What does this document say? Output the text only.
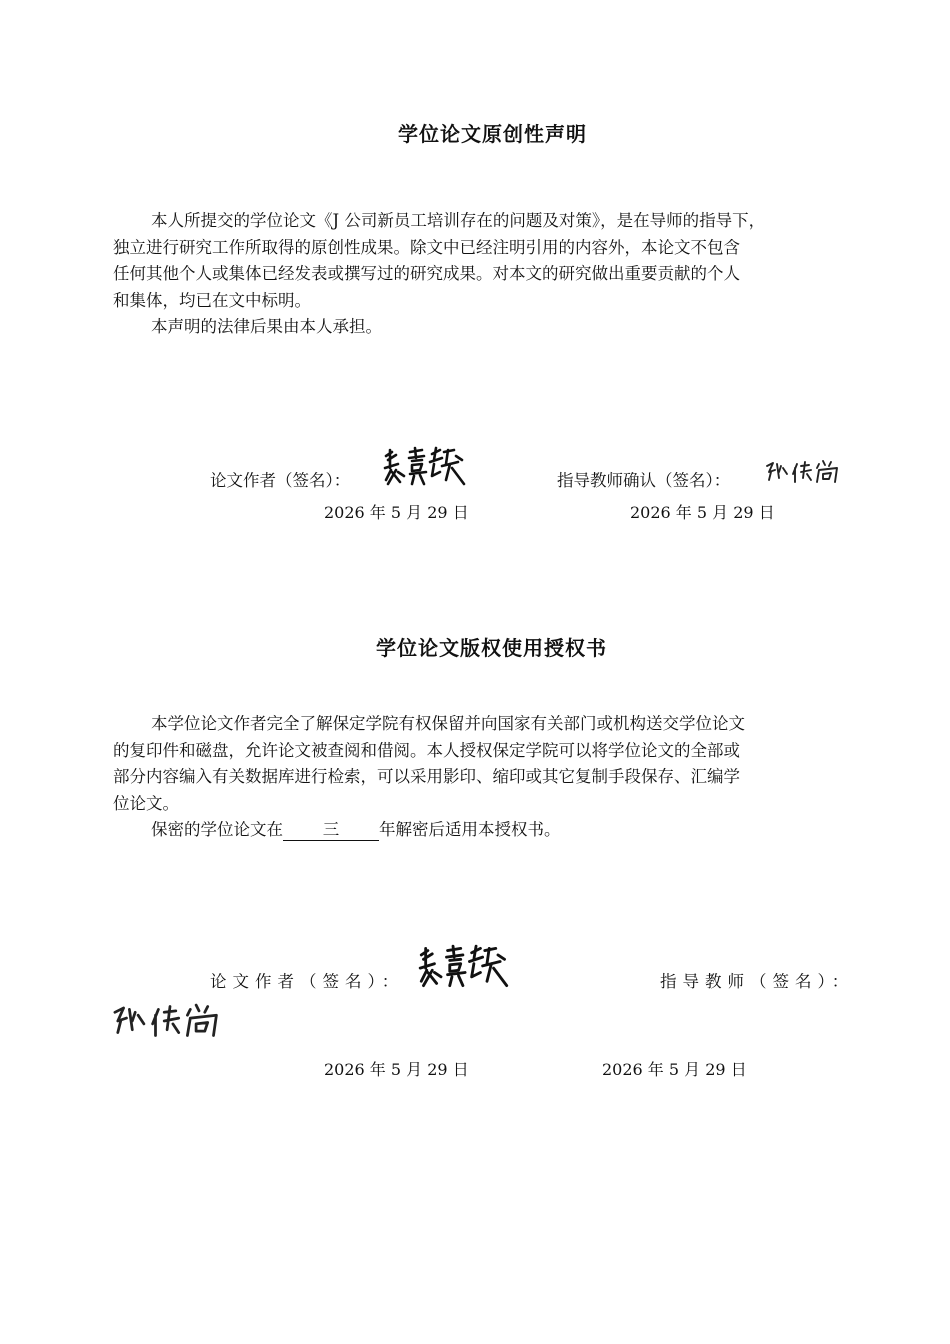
学位论文原创性声明
本人所提交的学位论文《J 公司新员工培训存在的问题及对策》，是在导师的指导下，
独立进行研究工作所取得的原创性成果。除文中已经注明引用的内容外，本论文不包含
任何其他个人或集体已经发表或撰写过的研究成果。对本文的研究做出重要贡献的个人
和集体，均已在文中标明。
本声明的法律后果由本人承担。
论文作者（签名）：	指导教师确认（签名）：
2026 年 5 月 29 日	2026 年 5 月 29 日
学位论文版权使用授权书
本学位论文作者完全了解保定学院有权保留并向国家有关部门或机构送交学位论文
的复印件和磁盘，允许论文被查阅和借阅。本人授权保定学院可以将学位论文的全部或
部分内容编入有关数据库进行检索，可以采用影印、缩印或其它复制手段保存、汇编学
位论文。
保密的学位论文在 三 年解密后适用本授权书。
论文作者（签名）：	指导教师（签名）：
2026 年 5 月 29 日	2026 年 5 月 29 日
